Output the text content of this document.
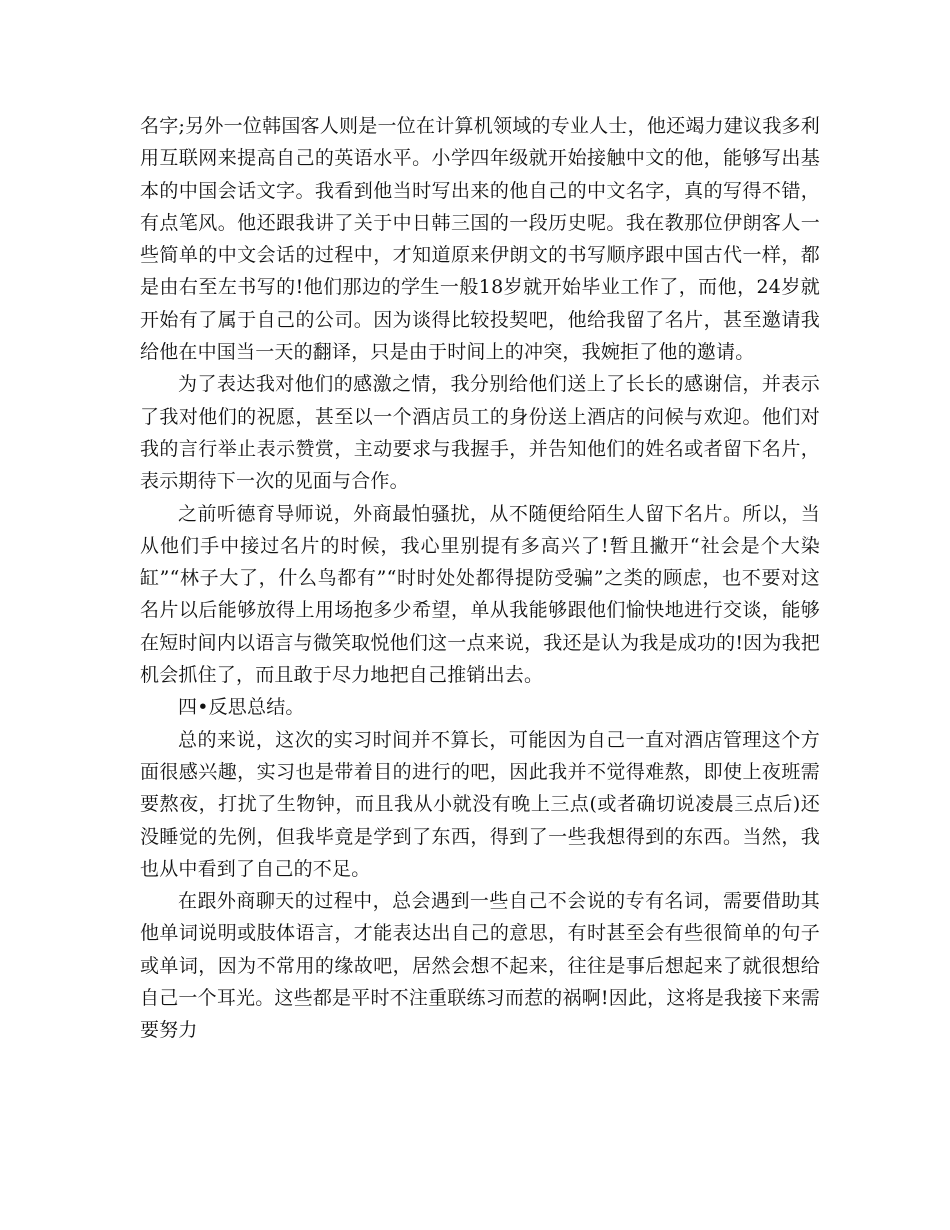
名字;另外一位韩国客人则是一位在计算机领域的专业人士，他还竭力建议我多利用互联网来提高自己的英语水平。小学四年级就开始接触中文的他，能够写出基本的中国会话文字。我看到他当时写出来的他自己的中文名字，真的写得不错，有点笔风。他还跟我讲了关于中日韩三国的一段历史呢。我在教那位伊朗客人一些简单的中文会话的过程中，才知道原来伊朗文的书写顺序跟中国古代一样，都是由右至左书写的!他们那边的学生一般18岁就开始毕业工作了，而他，24岁就开始有了属于自己的公司。因为谈得比较投契吧，他给我留了名片，甚至邀请我给他在中国当一天的翻译，只是由于时间上的冲突，我婉拒了他的邀请。

为了表达我对他们的感激之情，我分别给他们送上了长长的感谢信，并表示了我对他们的祝愿，甚至以一个酒店员工的身份送上酒店的问候与欢迎。他们对我的言行举止表示赞赏，主动要求与我握手，并告知他们的姓名或者留下名片，表示期待下一次的见面与合作。

之前听德育导师说，外商最怕骚扰，从不随便给陌生人留下名片。所以，当从他们手中接过名片的时候，我心里别提有多高兴了!暂且撇开“社会是个大染缸”“林子大了，什么鸟都有”“时时处处都得提防受骗”之类的顾虑，也不要对这名片以后能够放得上用场抱多少希望，单从我能够跟他们愉快地进行交谈，能够在短时间内以语言与微笑取悦他们这一点来说，我还是认为我是成功的!因为我把机会抓住了，而且敢于尽力地把自己推销出去。

四•反思总结。

总的来说，这次的实习时间并不算长，可能因为自己一直对酒店管理这个方面很感兴趣，实习也是带着目的进行的吧，因此我并不觉得难熬，即使上夜班需要熬夜，打扰了生物钟，而且我从小就没有晚上三点(或者确切说凌晨三点后)还没睡觉的先例，但我毕竟是学到了东西，得到了一些我想得到的东西。当然，我也从中看到了自己的不足。

在跟外商聊天的过程中，总会遇到一些自己不会说的专有名词，需要借助其他单词说明或肢体语言，才能表达出自己的意思，有时甚至会有些很简单的句子或单词，因为不常用的缘故吧，居然会想不起来，往往是事后想起来了就很想给自己一个耳光。这些都是平时不注重联练习而惹的祸啊!因此，这将是我接下来需要努力
